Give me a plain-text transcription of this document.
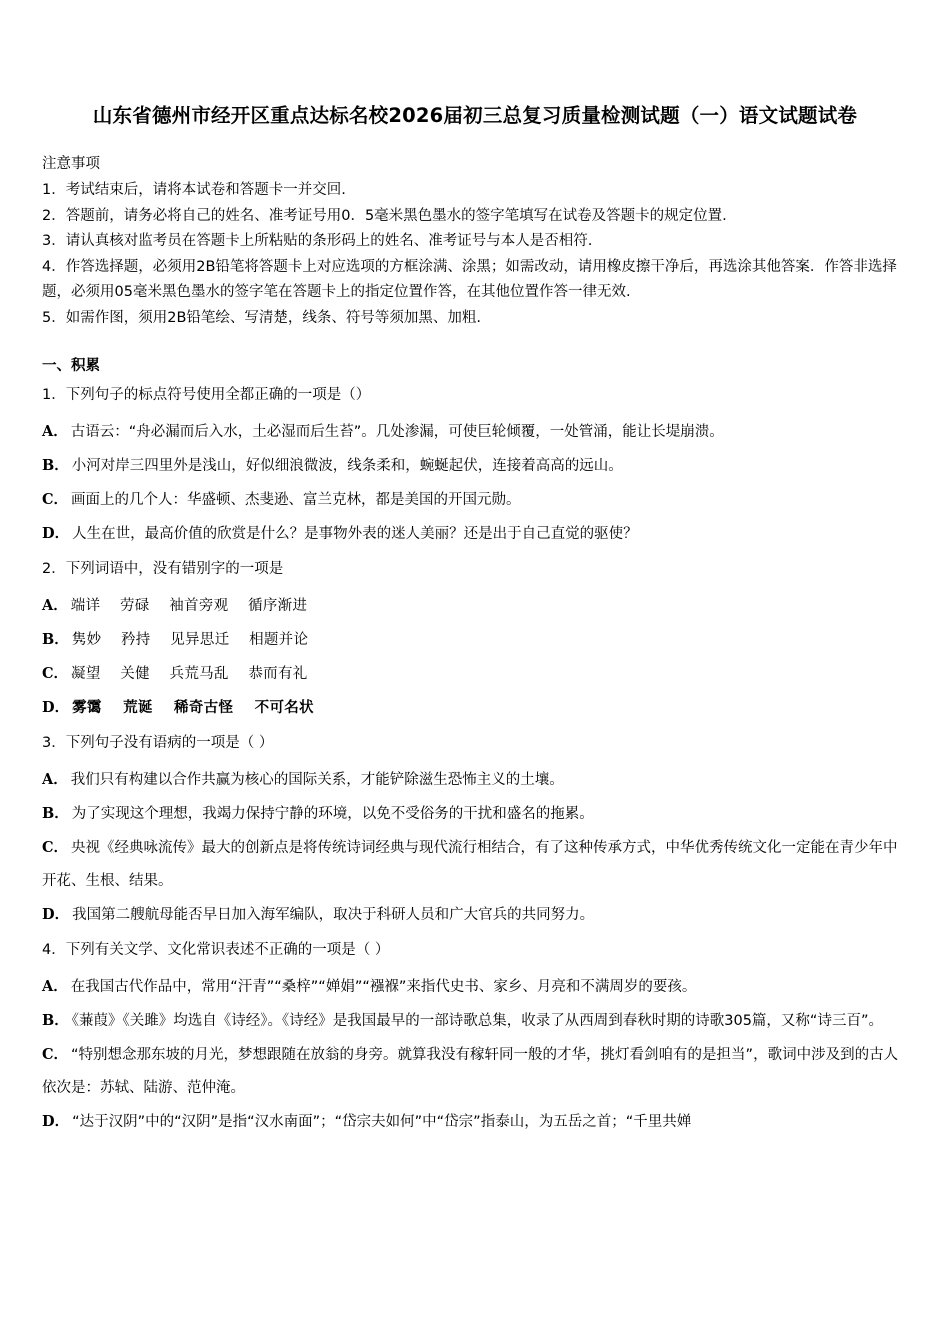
山东省德州市经开区重点达标名校2026届初三总复习质量检测试题（一）语文试题试卷

注意事项

1．考试结束后，请将本试卷和答题卡一并交回.

2．答题前，请务必将自己的姓名、准考证号用0．5毫米黑色墨水的签字笔填写在试卷及答题卡的规定位置.

3．请认真核对监考员在答题卡上所粘贴的条形码上的姓名、准考证号与本人是否相符.

4．作答选择题，必须用2B铅笔将答题卡上对应选项的方框涂满、涂黑；如需改动，请用橡皮擦干净后，再选涂其他答案．作答非选择题，必须用05毫米黑色墨水的签字笔在答题卡上的指定位置作答，在其他位置作答一律无效.

5．如需作图，须用2B铅笔绘、写清楚，线条、符号等须加黑、加粗.

一、积累

1．下列句子的标点符号使用全都正确的一项是（）

A． 古语云：“舟必漏而后入水，土必湿而后生苔”。几处渗漏，可使巨轮倾覆，一处管涌，能让长堤崩溃。

B． 小河对岸三四里外是浅山，好似细浪微波，线条柔和，蜿蜒起伏，连接着高高的远山。

C． 画面上的几个人：华盛顿、杰斐逊、富兰克林，都是美国的开国元勋。

D． 人生在世，最高价值的欣赏是什么？是事物外表的迷人美丽？还是出于自己直觉的驱使？

2．下列词语中，没有错别字的一项是

A． 端详    劳碌    袖首旁观    循序渐进

B． 隽妙    矜持    见异思迁    相题并论

C． 凝望    关健    兵荒马乱    恭而有礼

D． 雾霭    荒诞    稀奇古怪    不可名状

3．下列句子没有语病的一项是（ ）

A． 我们只有构建以合作共赢为核心的国际关系，才能铲除滋生恐怖主义的土壤。

B． 为了实现这个理想，我竭力保持宁静的环境，以免不受俗务的干扰和盛名的拖累。

C． 央视《经典咏流传》最大的创新点是将传统诗词经典与现代流行相结合，有了这种传承方式，中华优秀传统文化一定能在青少年中开花、生根、结果。

D． 我国第二艘航母能否早日加入海军编队，取决于科研人员和广大官兵的共同努力。

4．下列有关文学、文化常识表述不正确的一项是（ ）

A． 在我国古代作品中，常用“汗青”“桑梓”“婵娟”“襁褓”来指代史书、家乡、月亮和不满周岁的要孩。

B． 《蒹葭》《关雎》均选自《诗经》。《诗经》是我国最早的一部诗歌总集，收录了从西周到春秋时期的诗歌305篇，又称“诗三百”。

C． “特别想念那东坡的月光，梦想跟随在放翁的身旁。就算我没有稼轩同一般的才华，挑灯看剑咱有的是担当”，歌词中涉及到的古人依次是：苏轼、陆游、范仲淹。

D． “达于汉阴”中的“汉阴”是指“汉水南面”；“岱宗夫如何”中“岱宗”指泰山，为五岳之首；“千里共婵
